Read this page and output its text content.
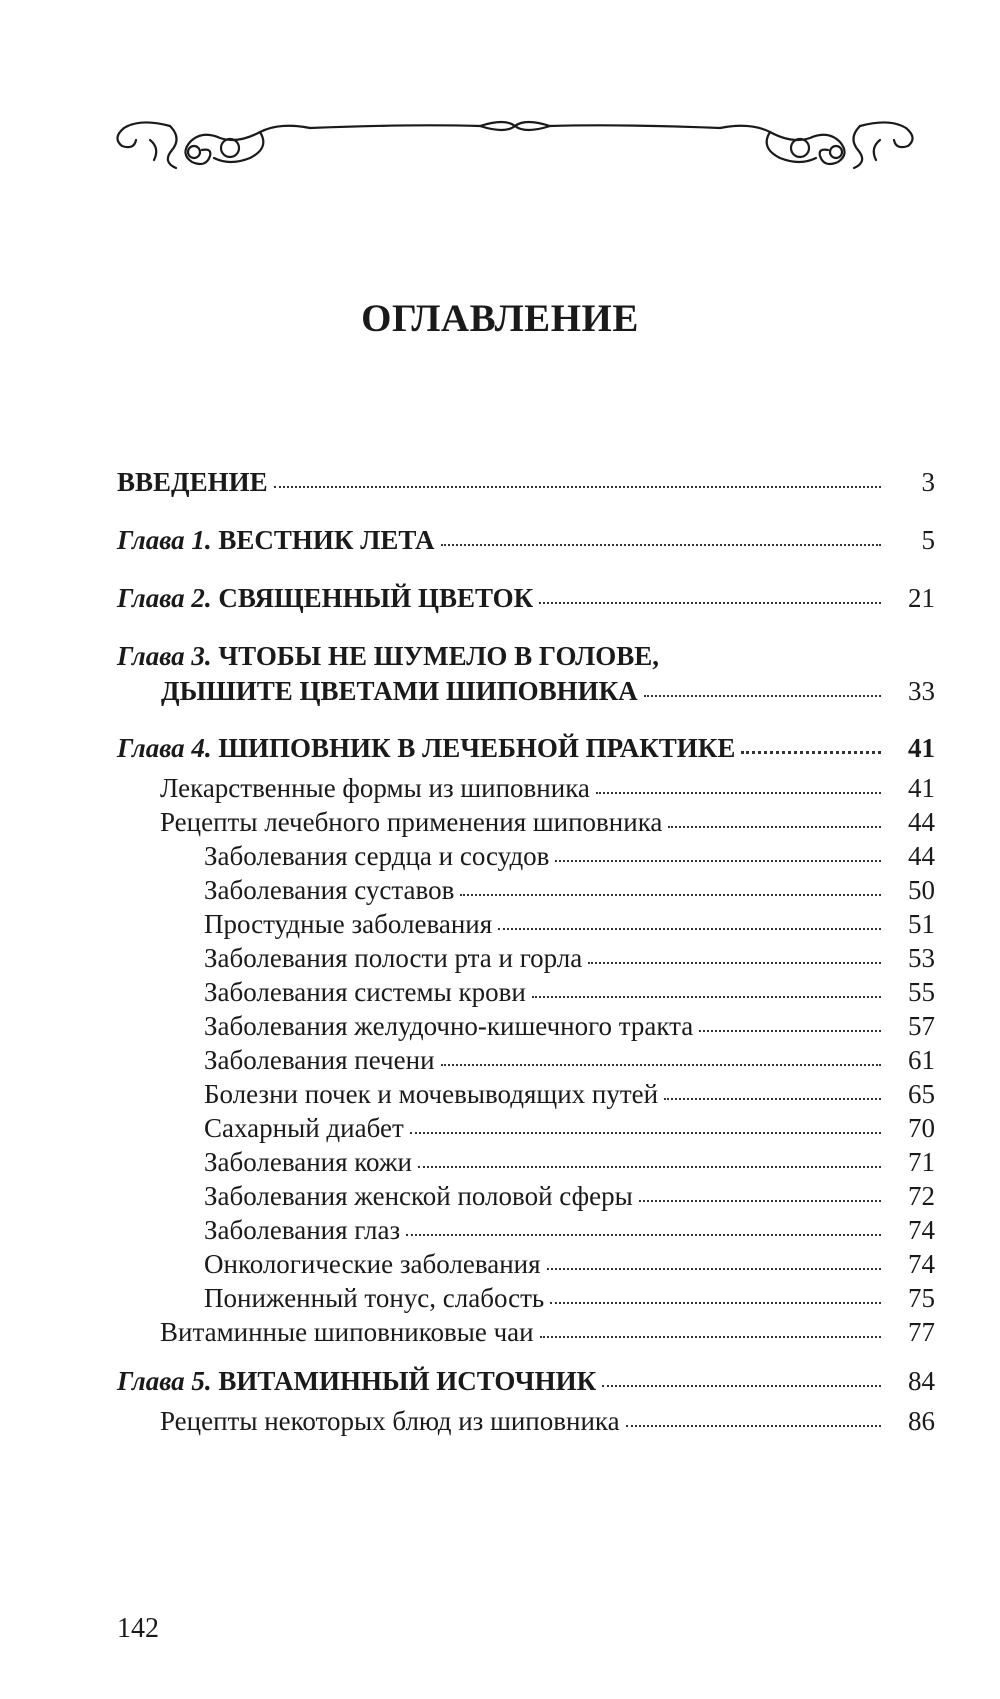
ОГЛАВЛЕНИЕ
ВВЕДЕНИЕ	3
Глава 1. ВЕСТНИК ЛЕТА	5
Глава 2. СВЯЩЕННЫЙ ЦВЕТОК	21
Глава 3. ЧТОБЫ НЕ ШУМЕЛО В ГОЛОВЕ,
ДЫШИТЕ ЦВЕТАМИ ШИПОВНИКА	33
Глава 4. ШИПОВНИК В ЛЕЧЕБНОЙ ПРАКТИКЕ	41
Лекарственные формы из шиповника	41
Рецепты лечебного применения шиповника	44
Заболевания сердца и сосудов	44
Заболевания суставов	50
Простудные заболевания	51
Заболевания полости рта и горла	53
Заболевания системы крови	55
Заболевания желудочно-кишечного тракта	57
Заболевания печени	61
Болезни почек и мочевыводящих путей	65
Сахарный диабет	70
Заболевания кожи	71
Заболевания женской половой сферы	72
Заболевания глаз	74
Онкологические заболевания	74
Пониженный тонус, слабость	75
Витаминные шиповниковые чаи	77
Глава 5. ВИТАМИННЫЙ ИСТОЧНИК	84
Рецепты некоторых блюд из шиповника	86
142
